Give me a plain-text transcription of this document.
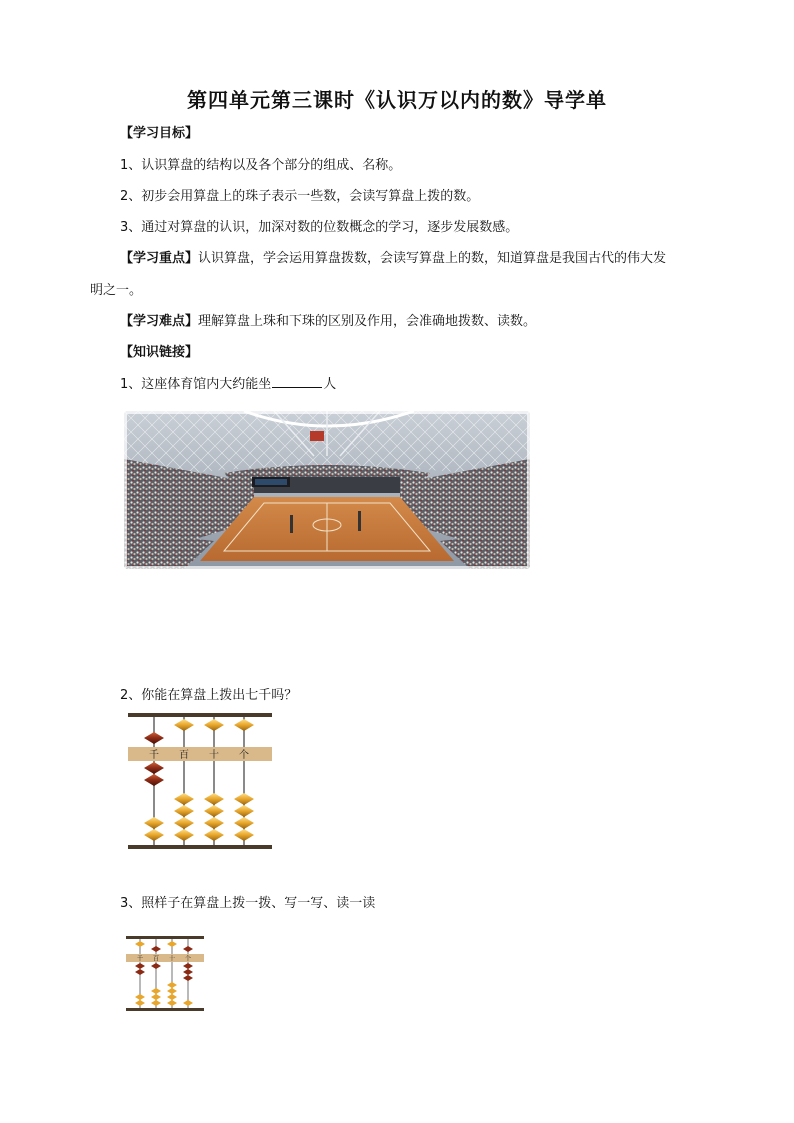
第四单元第三课时《认识万以内的数》导学单
【学习目标】
1、认识算盘的结构以及各个部分的组成、名称。
2、初步会用算盘上的珠子表示一些数，会读写算盘上拨的数。
3、通过对算盘的认识，加深对数的位数概念的学习，逐步发展数感。
【学习重点】认识算盘，学会运用算盘拨数，会读写算盘上的数，知道算盘是我国古代的伟大发
明之一。
【学习难点】理解算盘上珠和下珠的区别及作用，会准确地拨数、读数。
【知识链接】
1、这座体育馆内大约能坐	人
2、你能在算盘上拨出七千吗？
千 百 十 个
3、照样子在算盘上拨一拨、写一写、读一读
千 百 十 个
